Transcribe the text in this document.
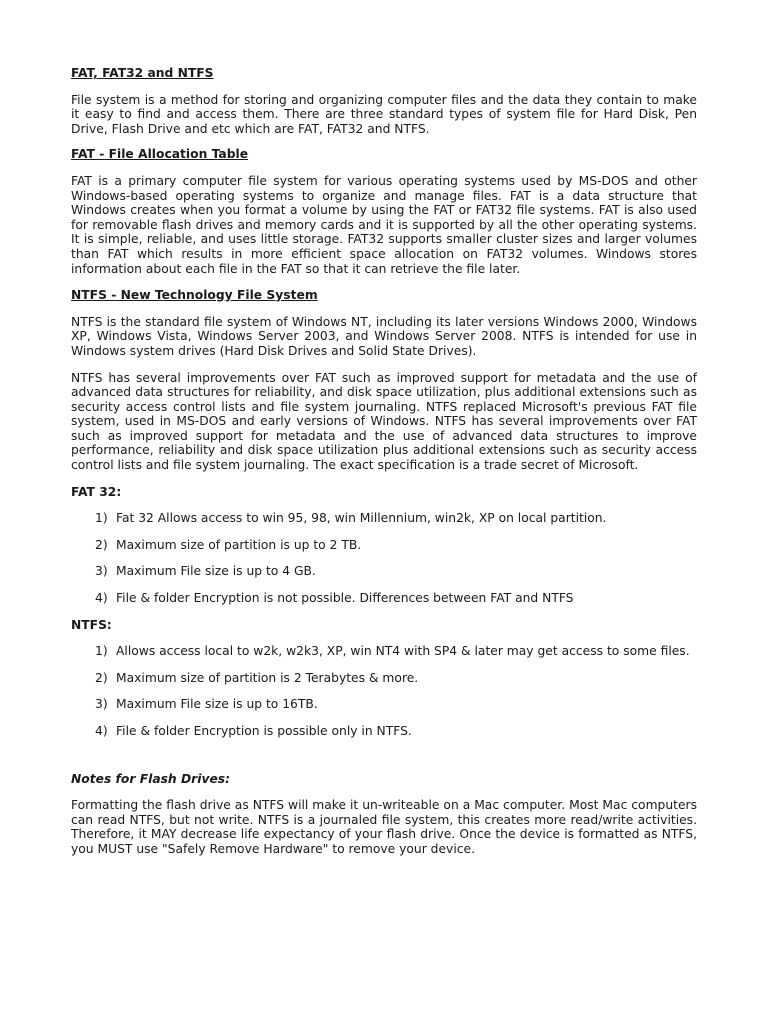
FAT, FAT32 and NTFS

File system is a method for storing and organizing computer files and the data they contain to make it easy to find and access them. There are three standard types of system file for Hard Disk, Pen Drive, Flash Drive and etc which are FAT, FAT32 and NTFS.

FAT - File Allocation Table

FAT is a primary computer file system for various operating systems used by MS-DOS and other Windows-based operating systems to organize and manage files. FAT is a data structure that Windows creates when you format a volume by using the FAT or FAT32 file systems. FAT is also used for removable flash drives and memory cards and it is supported by all the other operating systems. It is simple, reliable, and uses little storage. FAT32 supports smaller cluster sizes and larger volumes than FAT which results in more efficient space allocation on FAT32 volumes. Windows stores information about each file in the FAT so that it can retrieve the file later.

NTFS - New Technology File System

NTFS is the standard file system of Windows NT, including its later versions Windows 2000, Windows XP, Windows Vista, Windows Server 2003, and Windows Server 2008. NTFS is intended for use in Windows system drives (Hard Disk Drives and Solid State Drives).

NTFS has several improvements over FAT such as improved support for metadata and the use of advanced data structures for reliability, and disk space utilization, plus additional extensions such as security access control lists and file system journaling. NTFS replaced Microsoft's previous FAT file system, used in MS-DOS and early versions of Windows. NTFS has several improvements over FAT such as improved support for metadata and the use of advanced data structures to improve performance, reliability and disk space utilization plus additional extensions such as security access control lists and file system journaling. The exact specification is a trade secret of Microsoft.

FAT 32:

1) Fat 32 Allows access to win 95, 98, win Millennium, win2k, XP on local partition.
2) Maximum size of partition is up to 2 TB.
3) Maximum File size is up to 4 GB.
4) File & folder Encryption is not possible. Differences between FAT and NTFS

NTFS:

1) Allows access local to w2k, w2k3, XP, win NT4 with SP4 & later may get access to some files.
2) Maximum size of partition is 2 Terabytes & more.
3) Maximum File size is up to 16TB.
4) File & folder Encryption is possible only in NTFS.

Notes for Flash Drives:

Formatting the flash drive as NTFS will make it un-writeable on a Mac computer. Most Mac computers can read NTFS, but not write. NTFS is a journaled file system, this creates more read/write activities. Therefore, it MAY decrease life expectancy of your flash drive. Once the device is formatted as NTFS, you MUST use "Safely Remove Hardware" to remove your device.
